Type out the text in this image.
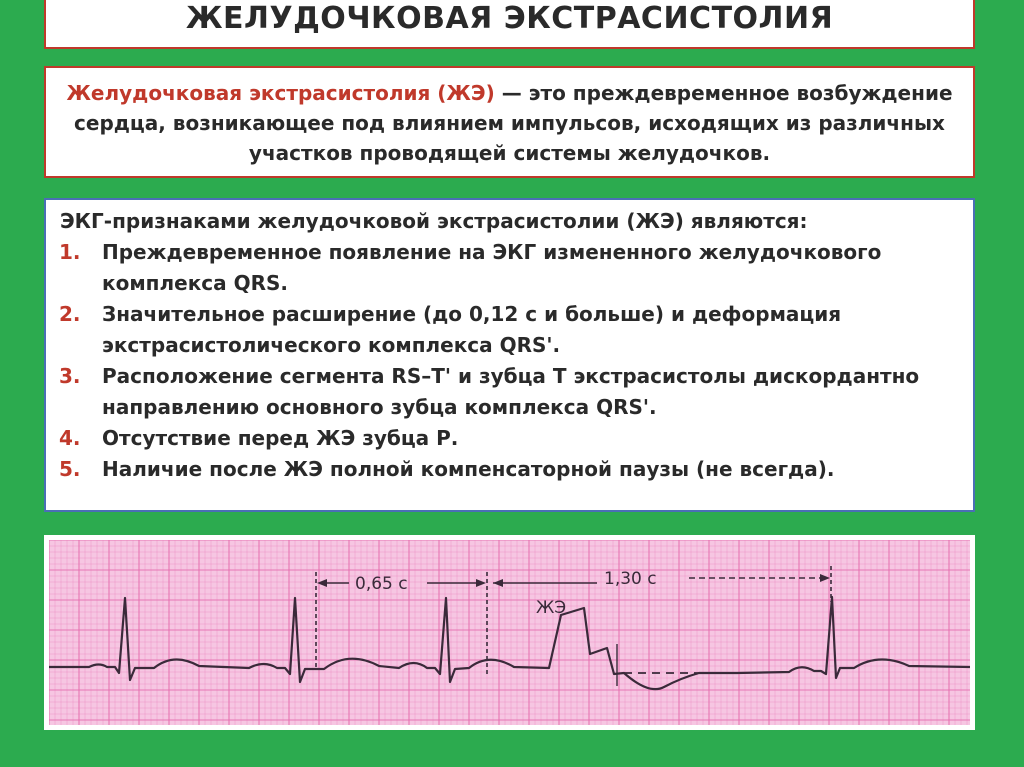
ЖЕЛУДОЧКОВАЯ ЭКСТРАСИСТОЛИЯ
Желудочковая экстрасистолия (ЖЭ) — это преждевременное возбуждение сердца, возникающее под влиянием импульсов, исходящих из различных участков проводящей системы желудочков.
ЭКГ-признаками желудочковой экстрасистолии (ЖЭ) являются:
1.	Преждевременное появление на ЭКГ измененного желудочкового комплекса QRS.
2.	Значительное расширение (до 0,12 с и больше) и деформация экстрасистолического комплекса QRS'.
3.	Расположение сегмента RS–T' и зубца Т экстрасистолы дискордантно направлению основного зубца комплекса QRS'.
4.	Отсутствие перед ЖЭ зубца Р.
5.	Наличие после ЖЭ полной компенсаторной паузы (не всегда).
0,65 с	1,30 с
ЖЭ
